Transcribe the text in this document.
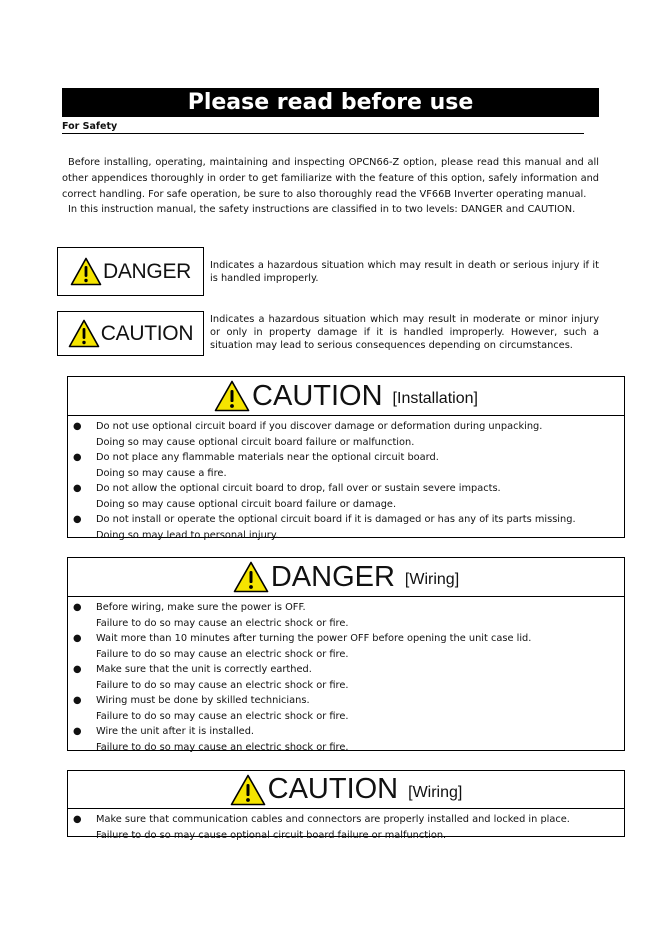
Please read before use
For Safety

Before installing, operating, maintaining and inspecting OPCN66-Z option, please read this manual and all other appendices thoroughly in order to get familiarize with the feature of this option, safely information and correct handling. For safe operation, be sure to also thoroughly read the VF66B Inverter operating manual.

In this instruction manual, the safety instructions are classified in to two levels: DANGER and CAUTION.

DANGER Indicates a hazardous situation which may result in death or serious injury if it is handled improperly.
CAUTION
Indicates a hazardous situation which may result in moderate or minor injury or only in property damage if it is handled improperly. However, such a situation may lead to serious consequences depending on circumstances.
CAUTION [Installation]
● Do not use optional circuit board if you discover damage or deformation during unpacking.
Doing so may cause optional circuit board failure or malfunction.
● Do not place any flammable materials near the optional circuit board.
Doing so may cause a fire.
● Do not allow the optional circuit board to drop, fall over or sustain severe impacts.
Doing so may cause optional circuit board failure or damage.
● Do not install or operate the optional circuit board if it is damaged or has any of its parts missing.
Doing so may lead to personal injury.
DANGER [Wiring]
● Before wiring, make sure the power is OFF.
Failure to do so may cause an electric shock or fire.
● Wait more than 10 minutes after turning the power OFF before opening the unit case lid.
Failure to do so may cause an electric shock or fire.
● Make sure that the unit is correctly earthed.
Failure to do so may cause an electric shock or fire.
● Wiring must be done by skilled technicians.
Failure to do so may cause an electric shock or fire.
● Wire the unit after it is installed.
Failure to do so may cause an electric shock or fire.
CAUTION [Wiring]
● Make sure that communication cables and connectors are properly installed and locked in place.
Failure to do so may cause optional circuit board failure or malfunction.
